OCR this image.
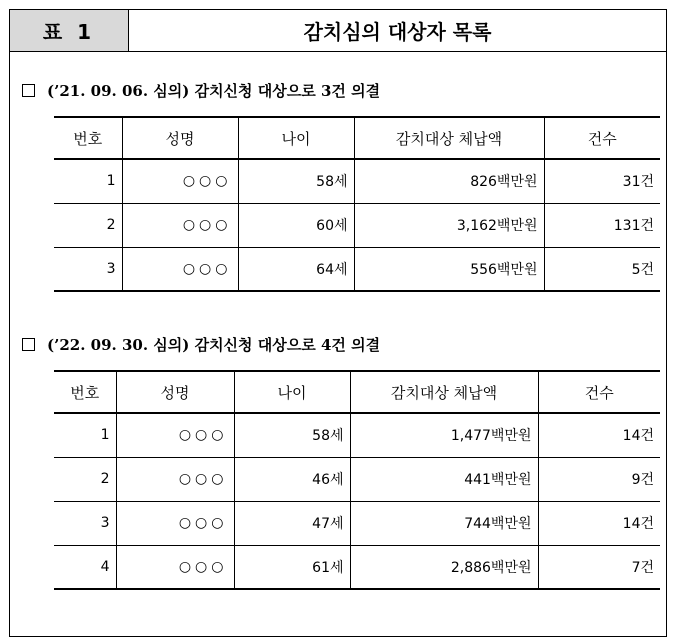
표 1	감치심의 대상자 목록
(’21. 09. 06. 심의) 감치신청 대상으로 3건 의결
번호	성명	나이	감치대상 체납액	건수
1	○○○	58세	826백만원	31건
2	○○○	60세	3,162백만원	131건
3	○○○	64세	556백만원	5건
(’22. 09. 30. 심의) 감치신청 대상으로 4건 의결
번호	성명	나이	감치대상 체납액	건수
1	○○○	58세	1,477백만원	14건
2	○○○	46세	441백만원	9건
3	○○○	47세	744백만원	14건
4	○○○	61세	2,886백만원	7건
